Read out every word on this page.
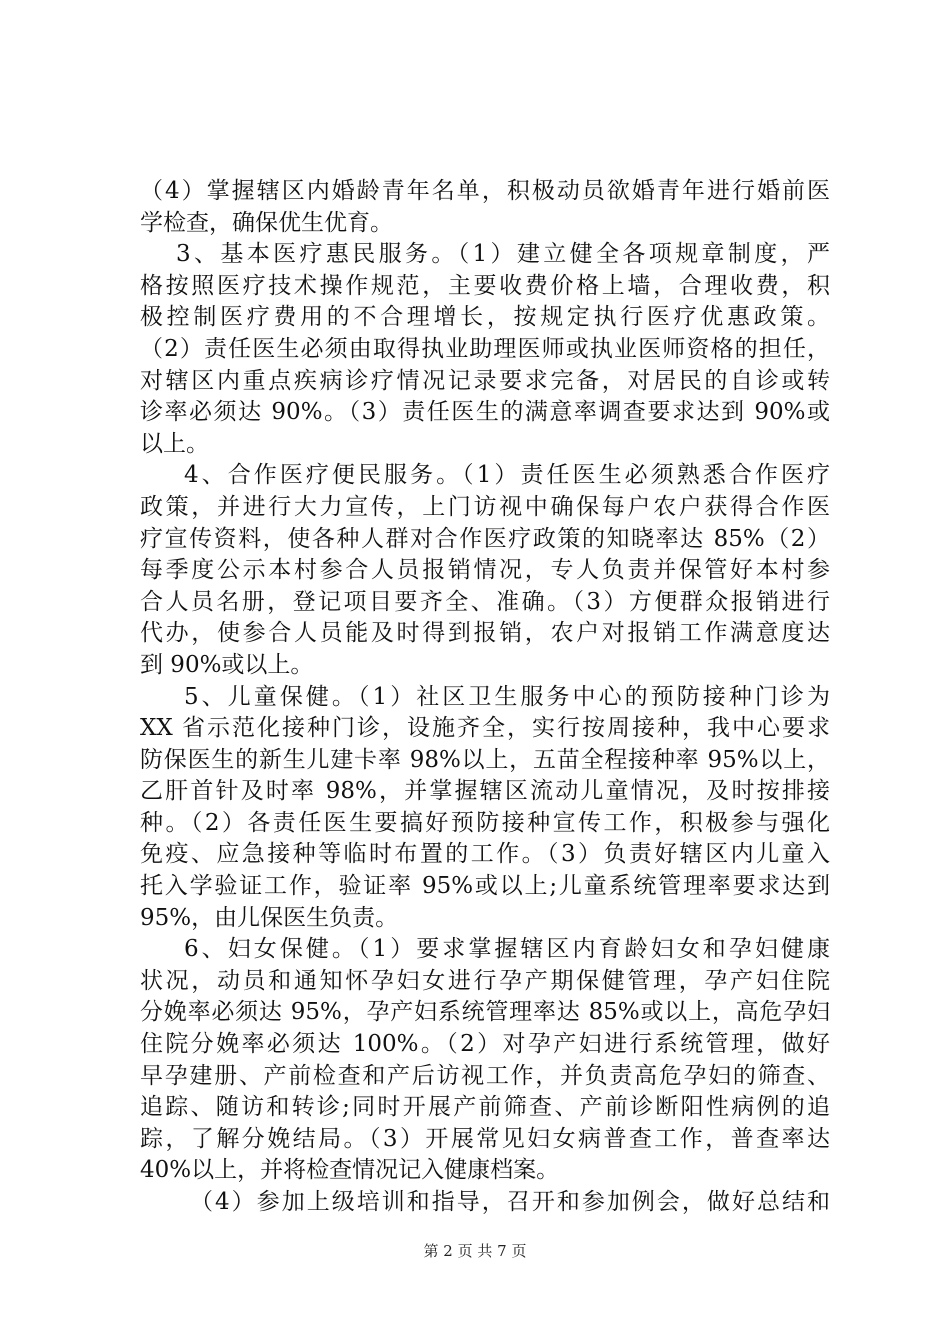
（4）掌握辖区内婚龄青年名单，积极动员欲婚青年进行婚前医
学检查，确保优生优育。
3、基本医疗惠民服务。（1）建立健全各项规章制度，严
格按照医疗技术操作规范，主要收费价格上墙，合理收费，积
极控制医疗费用的不合理增长，按规定执行医疗优惠政策。
（2）责任医生必须由取得执业助理医师或执业医师资格的担任，
对辖区内重点疾病诊疗情况记录要求完备，对居民的自诊或转
诊率必须达 90%。（3）责任医生的满意率调查要求达到 90%或
以上。
4、合作医疗便民服务。（1）责任医生必须熟悉合作医疗
政策，并进行大力宣传，上门访视中确保每户农户获得合作医
疗宣传资料，使各种人群对合作医疗政策的知晓率达 85%（2）
每季度公示本村参合人员报销情况，专人负责并保管好本村参
合人员名册，登记项目要齐全、准确。（3）方便群众报销进行
代办，使参合人员能及时得到报销，农户对报销工作满意度达
到 90%或以上。
5、儿童保健。（1）社区卫生服务中心的预防接种门诊为
XX 省示范化接种门诊，设施齐全，实行按周接种，我中心要求
防保医生的新生儿建卡率 98%以上，五苗全程接种率 95%以上，
乙肝首针及时率 98%，并掌握辖区流动儿童情况，及时按排接
种。（2）各责任医生要搞好预防接种宣传工作，积极参与强化
免疫、应急接种等临时布置的工作。（3）负责好辖区内儿童入
托入学验证工作，验证率 95%或以上;儿童系统管理率要求达到
95%，由儿保医生负责。
6、妇女保健。（1）要求掌握辖区内育龄妇女和孕妇健康
状况，动员和通知怀孕妇女进行孕产期保健管理，孕产妇住院
分娩率必须达 95%，孕产妇系统管理率达 85%或以上，高危孕妇
住院分娩率必须达 100%。（2）对孕产妇进行系统管理，做好
早孕建册、产前检查和产后访视工作，并负责高危孕妇的筛查、
追踪、随访和转诊;同时开展产前筛查、产前诊断阳性病例的追
踪，了解分娩结局。（3）开展常见妇女病普查工作，普查率达
40%以上，并将检查情况记入健康档案。
（4）参加上级培训和指导，召开和参加例会，做好总结和
第 2 页 共 7 页
